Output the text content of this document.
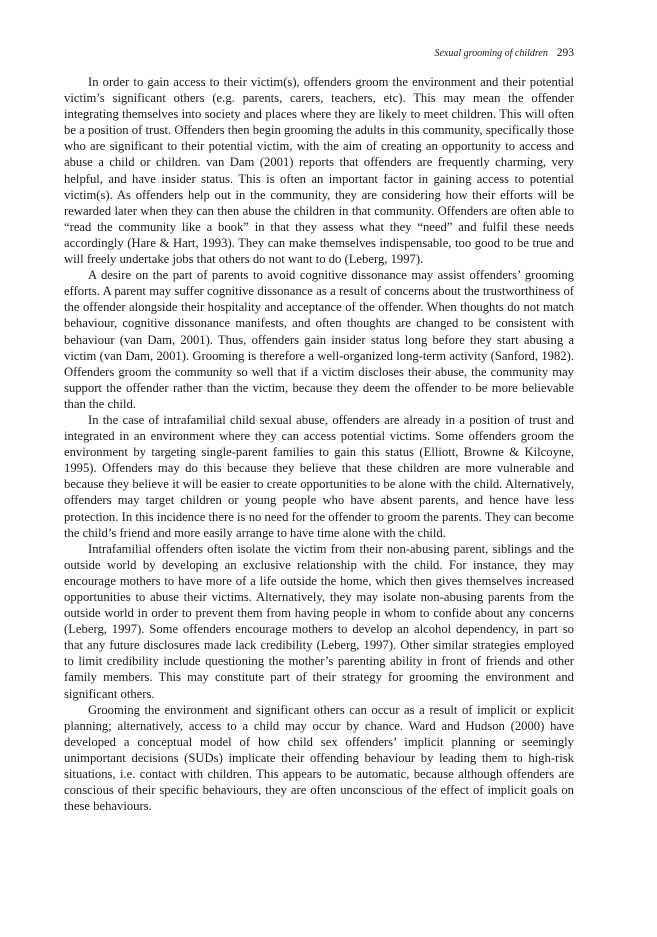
Sexual grooming of children 293

In order to gain access to their victim(s), offenders groom the environment and their potential victim’s significant others (e.g. parents, carers, teachers, etc). This may mean the offender integrating themselves into society and places where they are likely to meet children. This will often be a position of trust. Offenders then begin grooming the adults in this community, specifically those who are significant to their potential victim, with the aim of creating an opportunity to access and abuse a child or children. van Dam (2001) reports that offenders are frequently charming, very helpful, and have insider status. This is often an important factor in gaining access to potential victim(s). As offenders help out in the community, they are considering how their efforts will be rewarded later when they can then abuse the children in that community. Offenders are often able to “read the community like a book” in that they assess what they “need” and fulfil these needs accordingly (Hare & Hart, 1993). They can make themselves indispensable, too good to be true and will freely undertake jobs that others do not want to do (Leberg, 1997).

A desire on the part of parents to avoid cognitive dissonance may assist offenders’ grooming efforts. A parent may suffer cognitive dissonance as a result of concerns about the trustworthiness of the offender alongside their hospitality and acceptance of the offender. When thoughts do not match behaviour, cognitive dissonance manifests, and often thoughts are changed to be consistent with behaviour (van Dam, 2001). Thus, offenders gain insider status long before they start abusing a victim (van Dam, 2001). Grooming is therefore a well-organized long-term activity (Sanford, 1982). Offenders groom the community so well that if a victim discloses their abuse, the community may support the offender rather than the victim, because they deem the offender to be more believable than the child.

In the case of intrafamilial child sexual abuse, offenders are already in a position of trust and integrated in an environment where they can access potential victims. Some offenders groom the environment by targeting single-parent families to gain this status (Elliott, Browne & Kilcoyne, 1995). Offenders may do this because they believe that these children are more vulnerable and because they believe it will be easier to create opportunities to be alone with the child. Alternatively, offenders may target children or young people who have absent parents, and hence have less protection. In this incidence there is no need for the offender to groom the parents. They can become the child’s friend and more easily arrange to have time alone with the child.

Intrafamilial offenders often isolate the victim from their non-abusing parent, siblings and the outside world by developing an exclusive relationship with the child. For instance, they may encourage mothers to have more of a life outside the home, which then gives themselves increased opportunities to abuse their victims. Alternatively, they may isolate non-abusing parents from the outside world in order to prevent them from having people in whom to confide about any concerns (Leberg, 1997). Some offenders encourage mothers to develop an alcohol dependency, in part so that any future disclosures made lack credibility (Leberg, 1997). Other similar strategies employed to limit credibility include questioning the mother’s parenting ability in front of friends and other family members. This may constitute part of their strategy for grooming the environment and significant others.

Grooming the environment and significant others can occur as a result of implicit or explicit planning; alternatively, access to a child may occur by chance. Ward and Hudson (2000) have developed a conceptual model of how child sex offenders’ implicit planning or seemingly unimportant decisions (SUDs) implicate their offending behaviour by leading them to high-risk situations, i.e. contact with children. This appears to be automatic, because although offenders are conscious of their specific behaviours, they are often unconscious of the effect of implicit goals on these behaviours.
